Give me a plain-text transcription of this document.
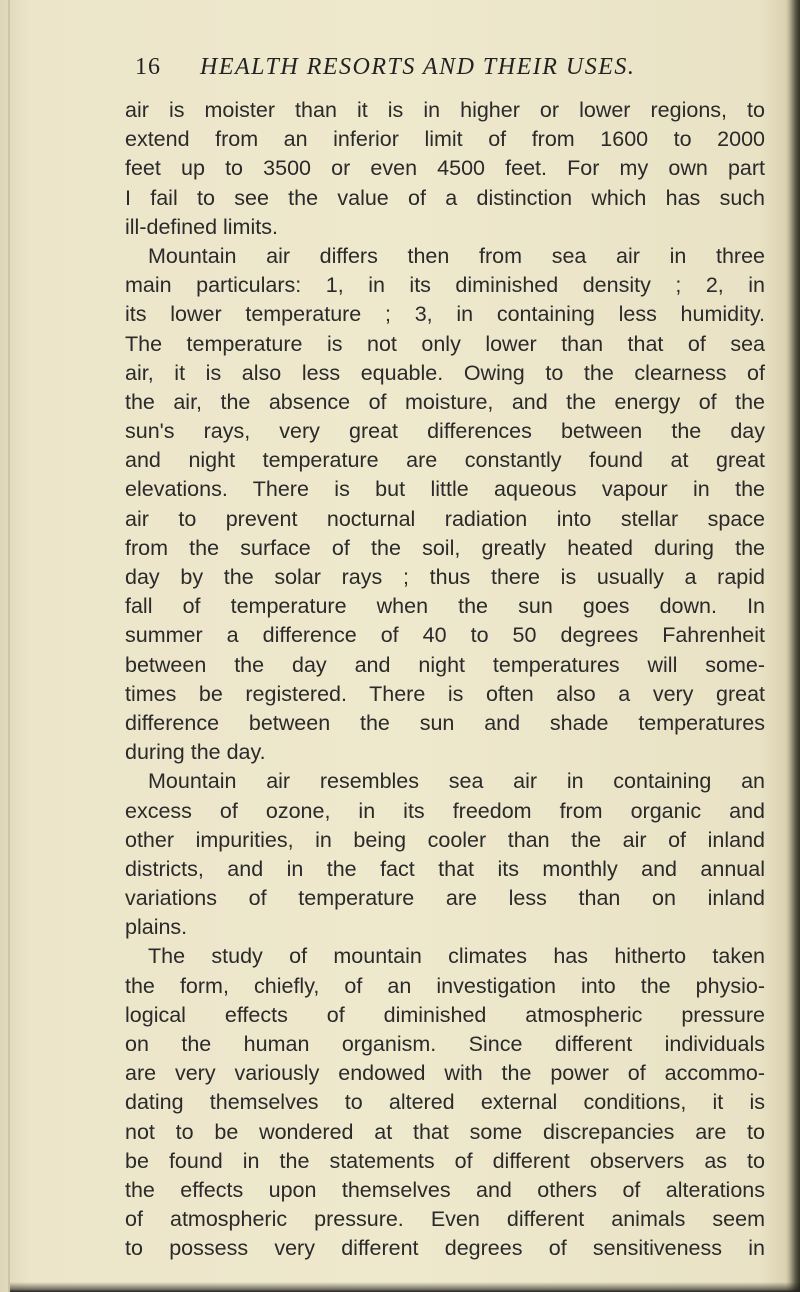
16 HEALTH RESORTS AND THEIR USES.
air is moister than it is in higher or lower regions, to
extend from an inferior limit of from 1600 to 2000
feet up to 3500 or even 4500 feet. For my own part
I fail to see the value of a distinction which has such
ill-defined limits.
Mountain air differs then from sea air in three
main particulars: 1, in its diminished density ; 2, in
its lower temperature ; 3, in containing less humidity.
The temperature is not only lower than that of sea
air, it is also less equable. Owing to the clearness of
the air, the absence of moisture, and the energy of the
sun's rays, very great differences between the day
and night temperature are constantly found at great
elevations. There is but little aqueous vapour in the
air to prevent nocturnal radiation into stellar space
from the surface of the soil, greatly heated during the
day by the solar rays ; thus there is usually a rapid
fall of temperature when the sun goes down. In
summer a difference of 40 to 50 degrees Fahrenheit
between the day and night temperatures will some-
times be registered. There is often also a very great
difference between the sun and shade temperatures
during the day.
Mountain air resembles sea air in containing an
excess of ozone, in its freedom from organic and
other impurities, in being cooler than the air of inland
districts, and in the fact that its monthly and annual
variations of temperature are less than on inland
plains.
The study of mountain climates has hitherto taken
the form, chiefly, of an investigation into the physio-
logical effects of diminished atmospheric pressure
on the human organism. Since different individuals
are very variously endowed with the power of accommo-
dating themselves to altered external conditions, it is
not to be wondered at that some discrepancies are to
be found in the statements of different observers as to
the effects upon themselves and others of alterations
of atmospheric pressure. Even different animals seem
to possess very different degrees of sensitiveness in
